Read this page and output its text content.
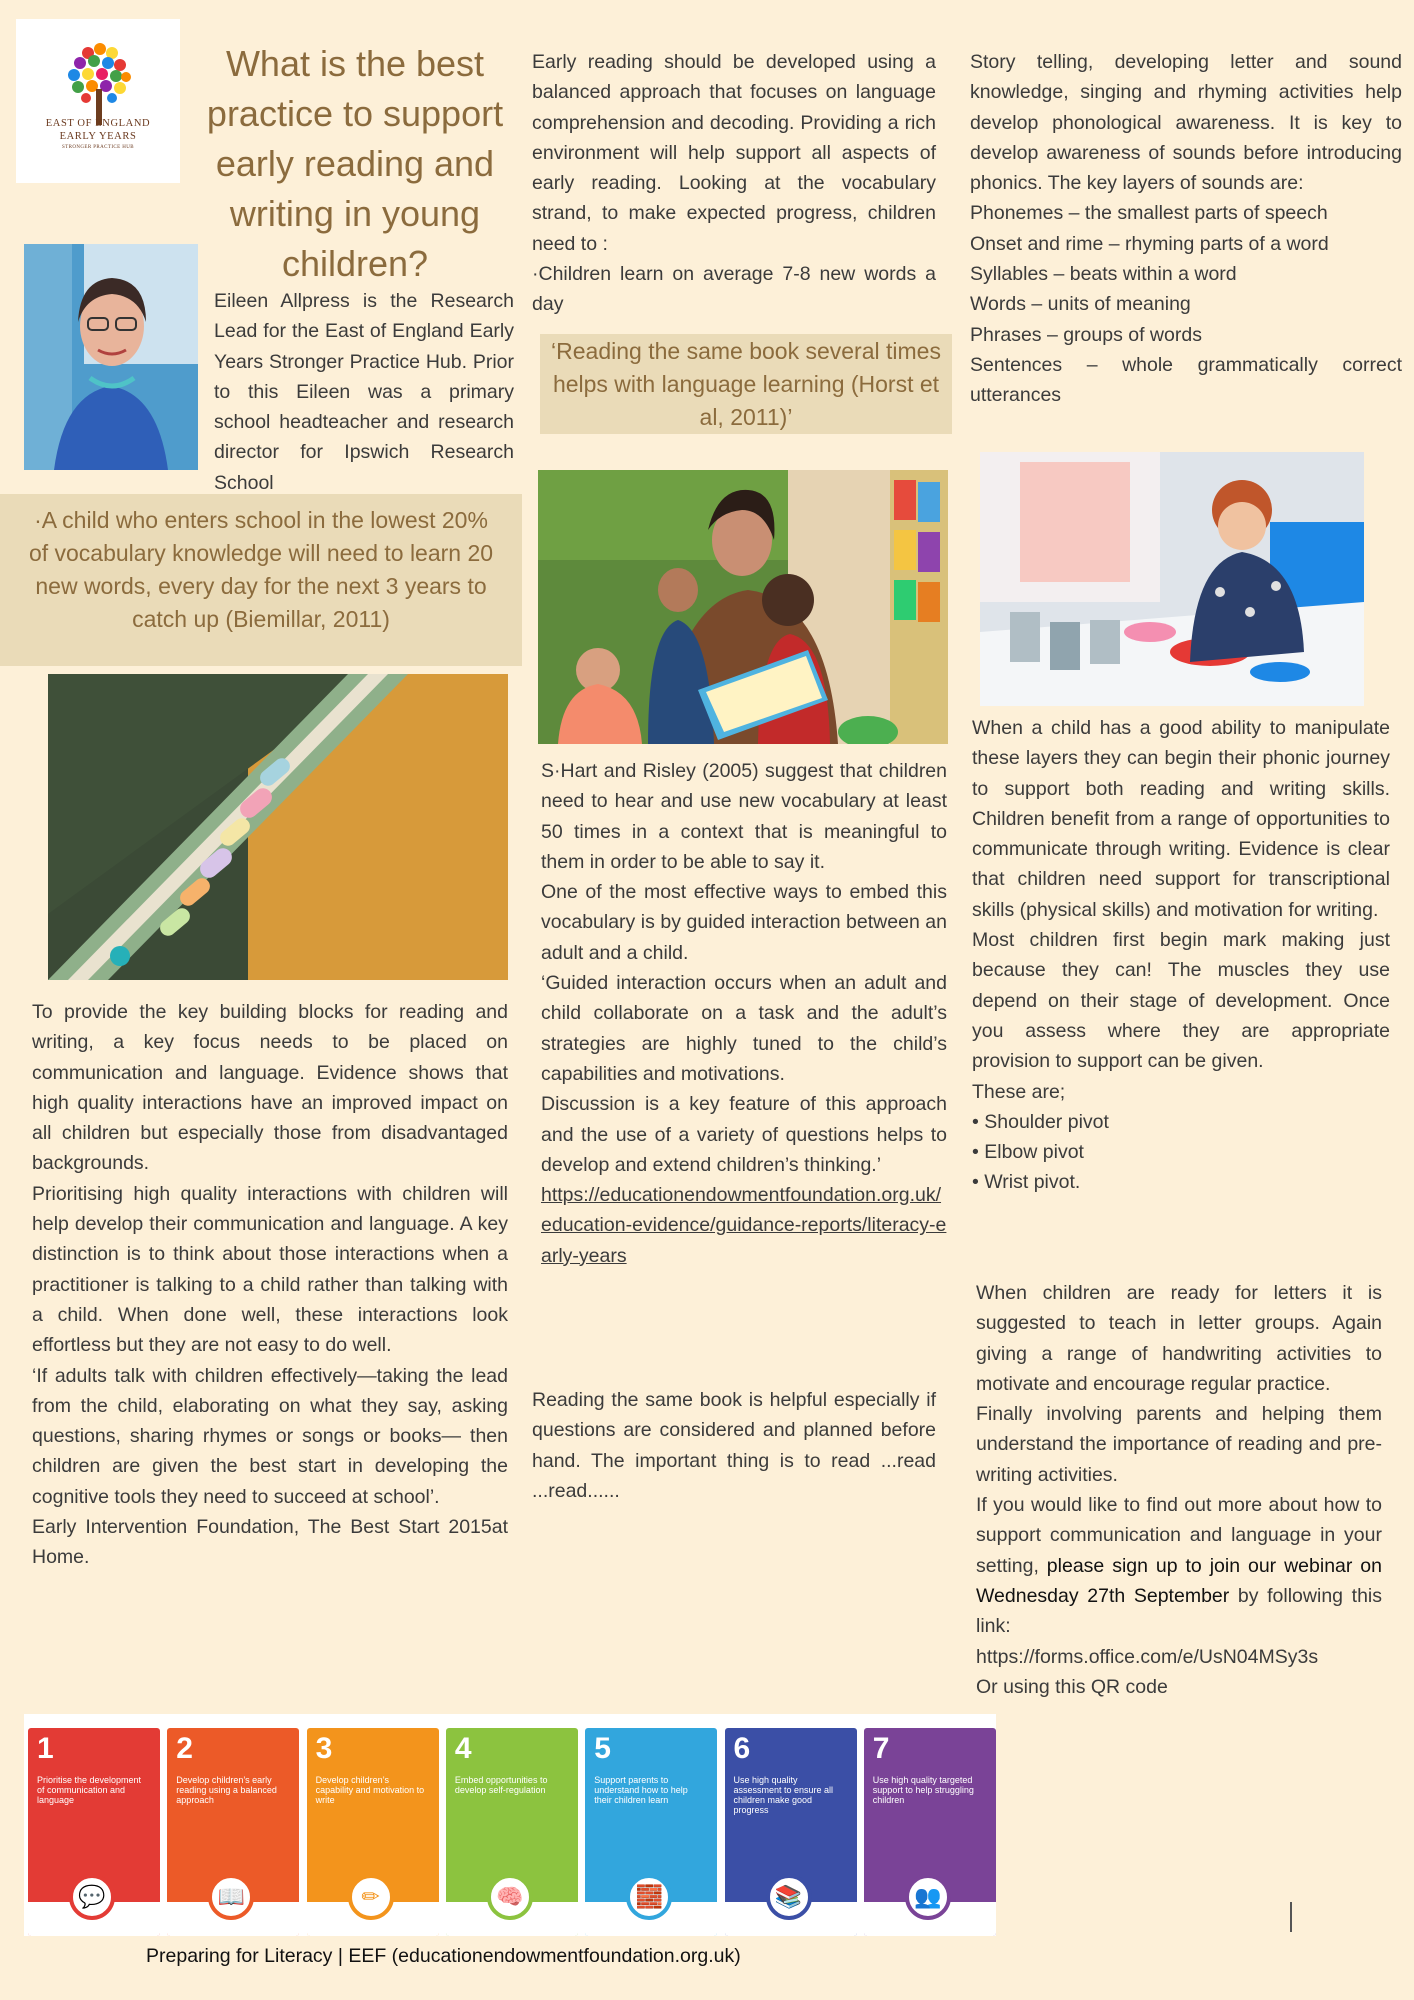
EAST OF ENGLAND
EARLY YEARS
STRONGER PRACTICE HUB
What is the best practice to support early reading and writing in young children?
Eileen Allpress is the Research Lead for the East of England Early Years Stronger Practice Hub. Prior to this Eileen was a primary school headteacher and research director for Ipswich Research School
·A child who enters school in the lowest 20% of vocabulary knowledge will need to learn 20 new words, every day for the next 3 years to catch up (Biemillar, 2011)

To provide the key building blocks for reading and writing, a key focus needs to be placed on communication and language. Evidence shows that high quality interactions have an improved impact on all children but especially those from disadvantaged backgrounds.

Prioritising high quality interactions with children will help develop their communication and language. A key distinction is to think about those interactions when a practitioner is talking to a child rather than talking with a child. When done well, these interactions look effortless but they are not easy to do well.

‘If adults talk with children effectively—taking the lead from the child, elaborating on what they say, asking questions, sharing rhymes or songs or books— then children are given the best start in developing the cognitive tools they need to succeed at school’.

Early Intervention Foundation, The Best Start 2015at Home.

Early reading should be developed using a balanced approach that focuses on language comprehension and decoding. Providing a rich environment will help support all aspects of early reading. Looking at the vocabulary strand, to make expected progress, children need to :

·Children learn on average 7-8 new words a day

‘Reading the same book several times helps with language learning (Horst et al, 2011)’

S·Hart and Risley (2005) suggest that children need to hear and use new vocabulary at least 50 times in a context that is meaningful to them in order to be able to say it.

One of the most effective ways to embed this vocabulary is by guided interaction between an adult and a child.

‘Guided interaction occurs when an adult and child collaborate on a task and the adult’s strategies are highly tuned to the child’s capabilities and motivations.

Discussion is a key feature of this approach and the use of a variety of questions helps to develop and extend children’s thinking.’

https://educationendowmentfoundation.org.uk/education-evidence/guidance-reports/literacy-early-years

Reading the same book is helpful especially if questions are considered and planned before hand. The important thing is to read ...read ...read......

Story telling, developing letter and sound knowledge, singing and rhyming activities help develop phonological awareness. It is key to develop awareness of sounds before introducing phonics. The key layers of sounds are:

Phonemes – the smallest parts of speech

Onset and rime – rhyming parts of a word

Syllables – beats within a word

Words – units of meaning

Phrases – groups of words

Sentences – whole grammatically correct utterances

When a child has a good ability to manipulate these layers they can begin their phonic journey to support both reading and writing skills. Children benefit from a range of opportunities to communicate through writing. Evidence is clear that children need support for transcriptional skills (physical skills) and motivation for writing.

Most children first begin mark making just because they can! The muscles they use depend on their stage of development. Once you assess where they are appropriate provision to support can be given.

These are;

• Shoulder pivot

• Elbow pivot

• Wrist pivot.

When children are ready for letters it is suggested to teach in letter groups. Again giving a range of handwriting activities to motivate and encourage regular practice.

Finally involving parents and helping them understand the importance of reading and pre-writing activities.

If you would like to find out more about how to support communication and language in your setting, please sign up to join our webinar on Wednesday 27th September by following this link:

https://forms.office.com/e/UsN04MSy3s

Or using this QR code

1
Prioritise the development of communication and language
💬
2
Develop children’s early reading using a balanced approach
📖
3
Develop children’s capability and motivation to write
✏
4
Embed opportunities to develop self-regulation
🧠
5
Support parents to understand how to help their children learn
🧱
6
Use high quality assessment to ensure all children make good progress
📚
7
Use high quality targeted support to help struggling children
👥
Preparing for Literacy | EEF (educationendowmentfoundation.org.uk)
